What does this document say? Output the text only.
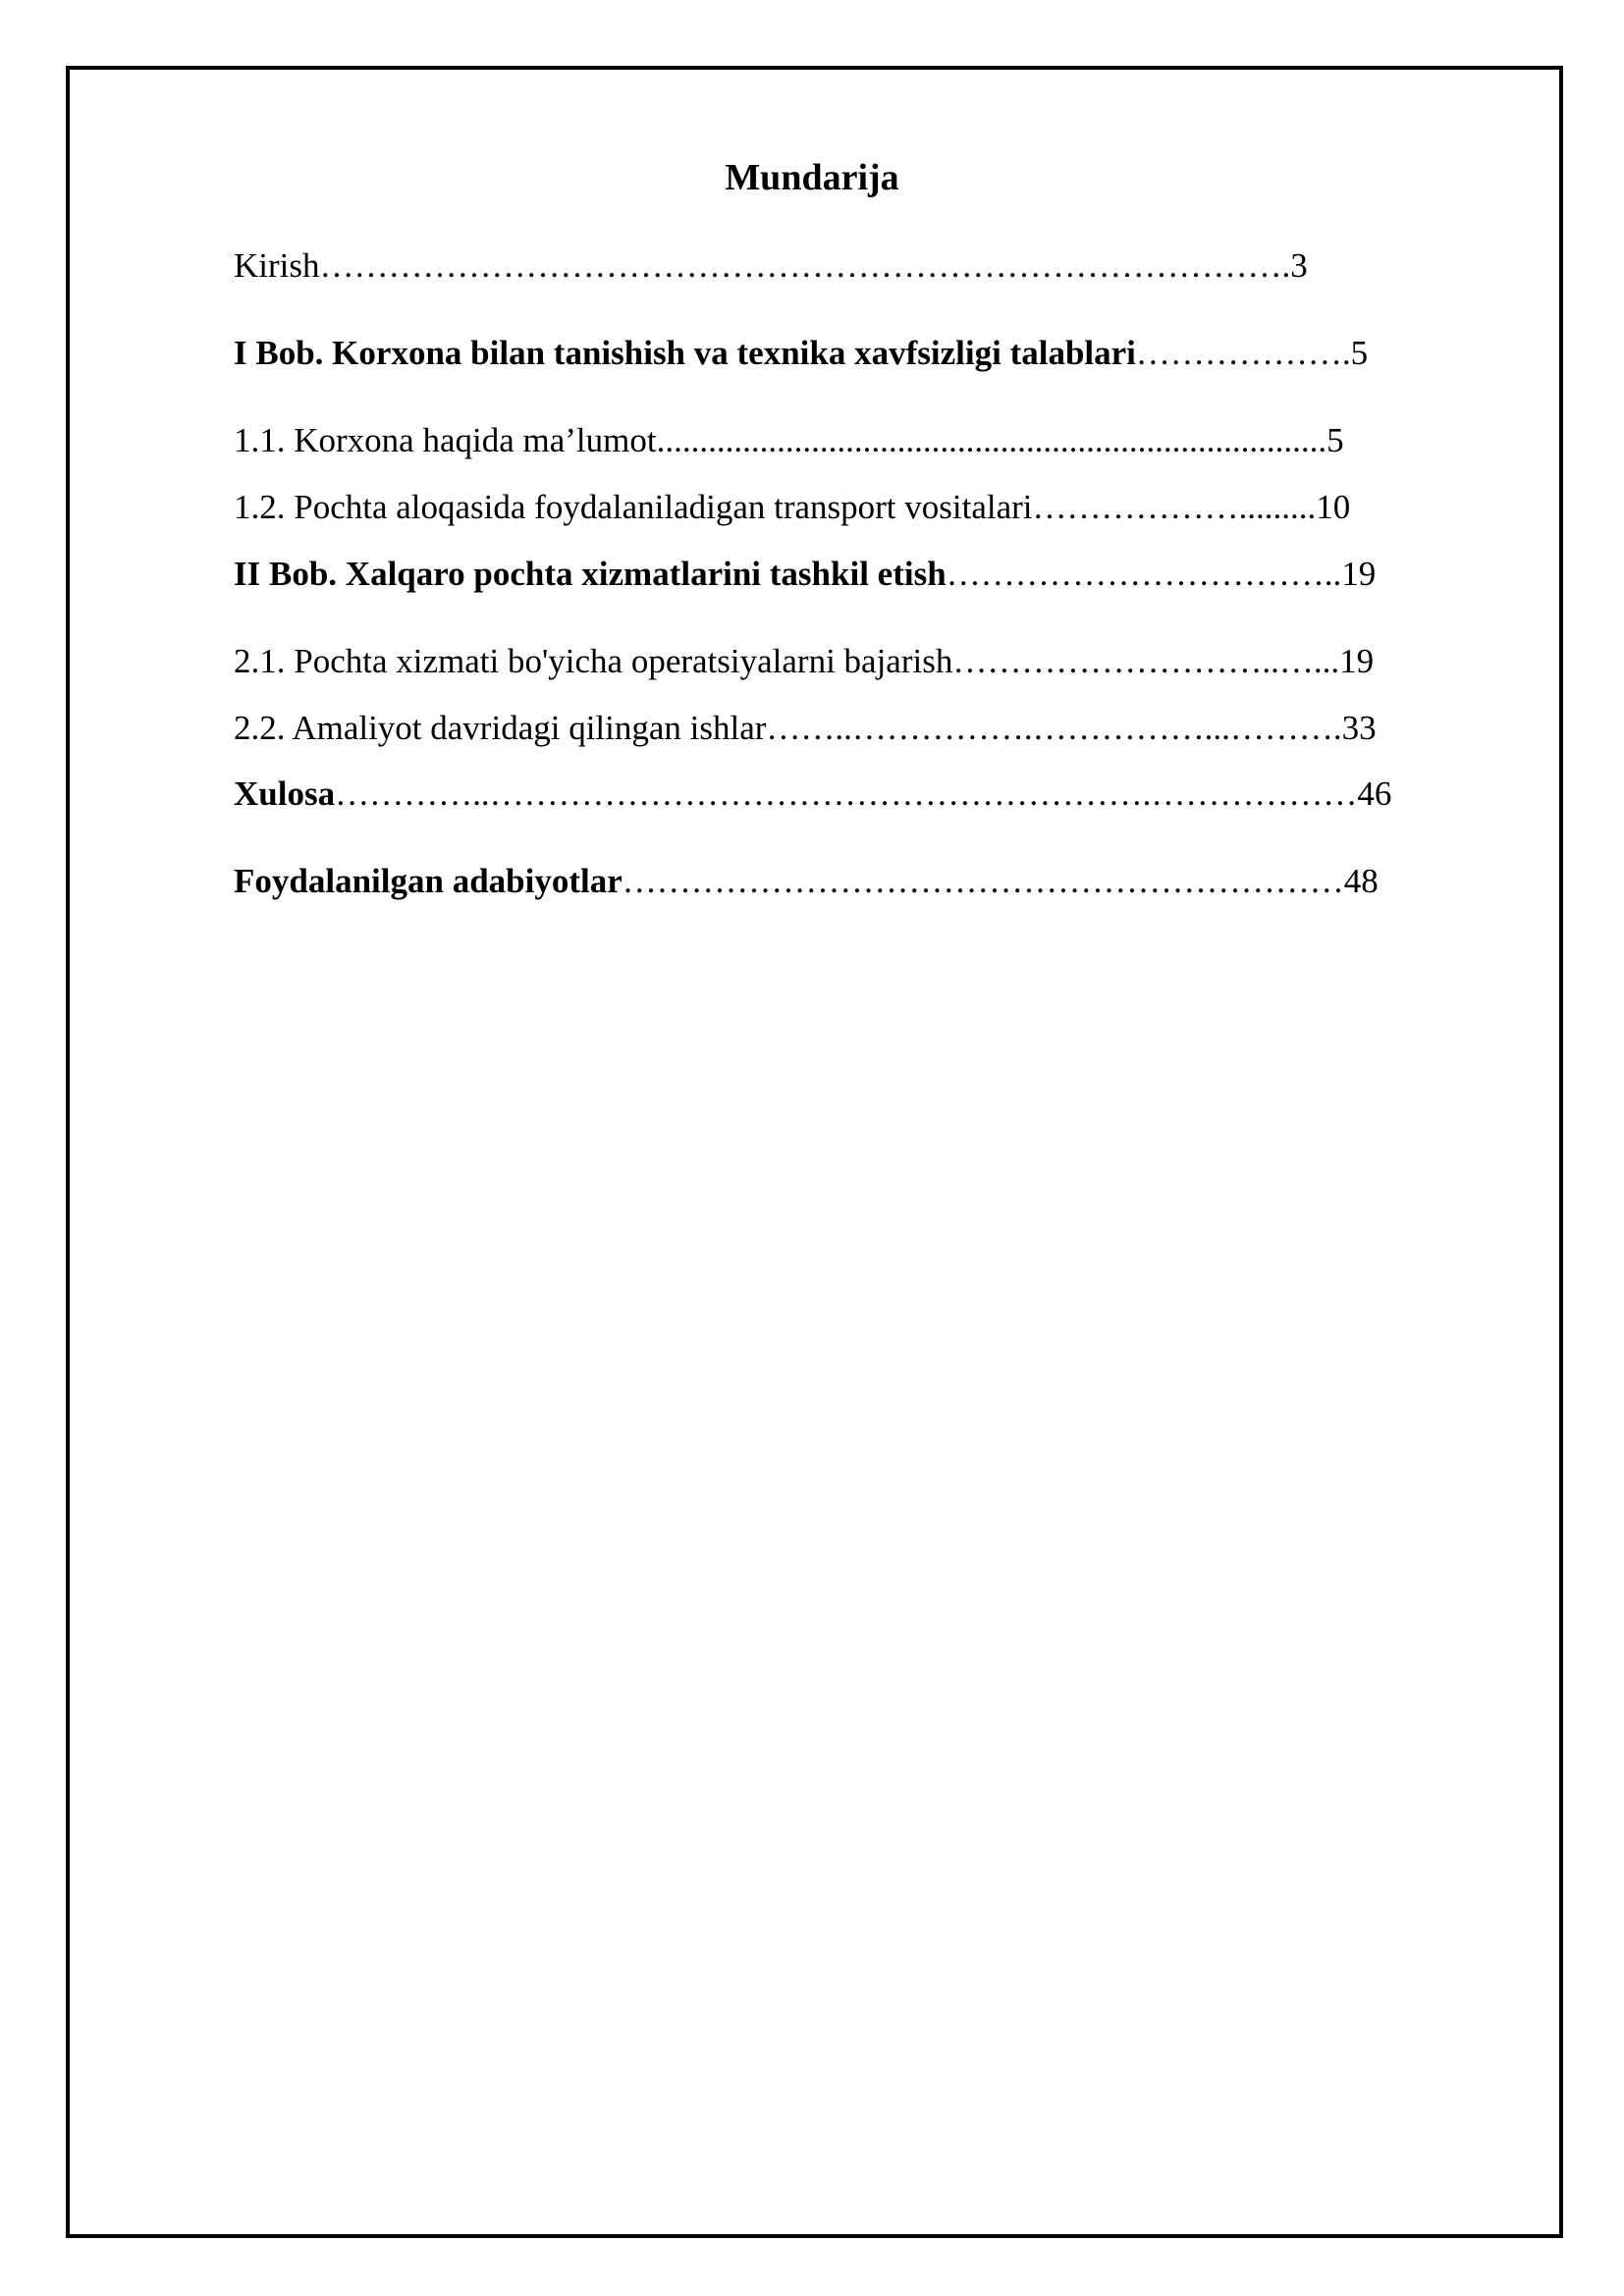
Mundarija
Kirish………………………………………………………………………….3
I Bob. Korxona bilan tanishish va texnika xavfsizligi talablari……………….5
1.1. Korxona haqida ma’lumot..............................................................................5
1.2. Pochta aloqasida foydalaniladigan transport vositalari……………….........10
II Bob. Xalqaro pochta xizmatlarini tashkil etish……………………………..19
2.1. Pochta xizmati bo'yicha operatsiyalarni bajarish………………………..…...19
2.2. Amaliyot davridagi qilingan ishlar……..…………….……………...……….33
Xulosa…………..………………………………………………….………………46
Foydalanilgan adabiyotlar………………………………………………………48
